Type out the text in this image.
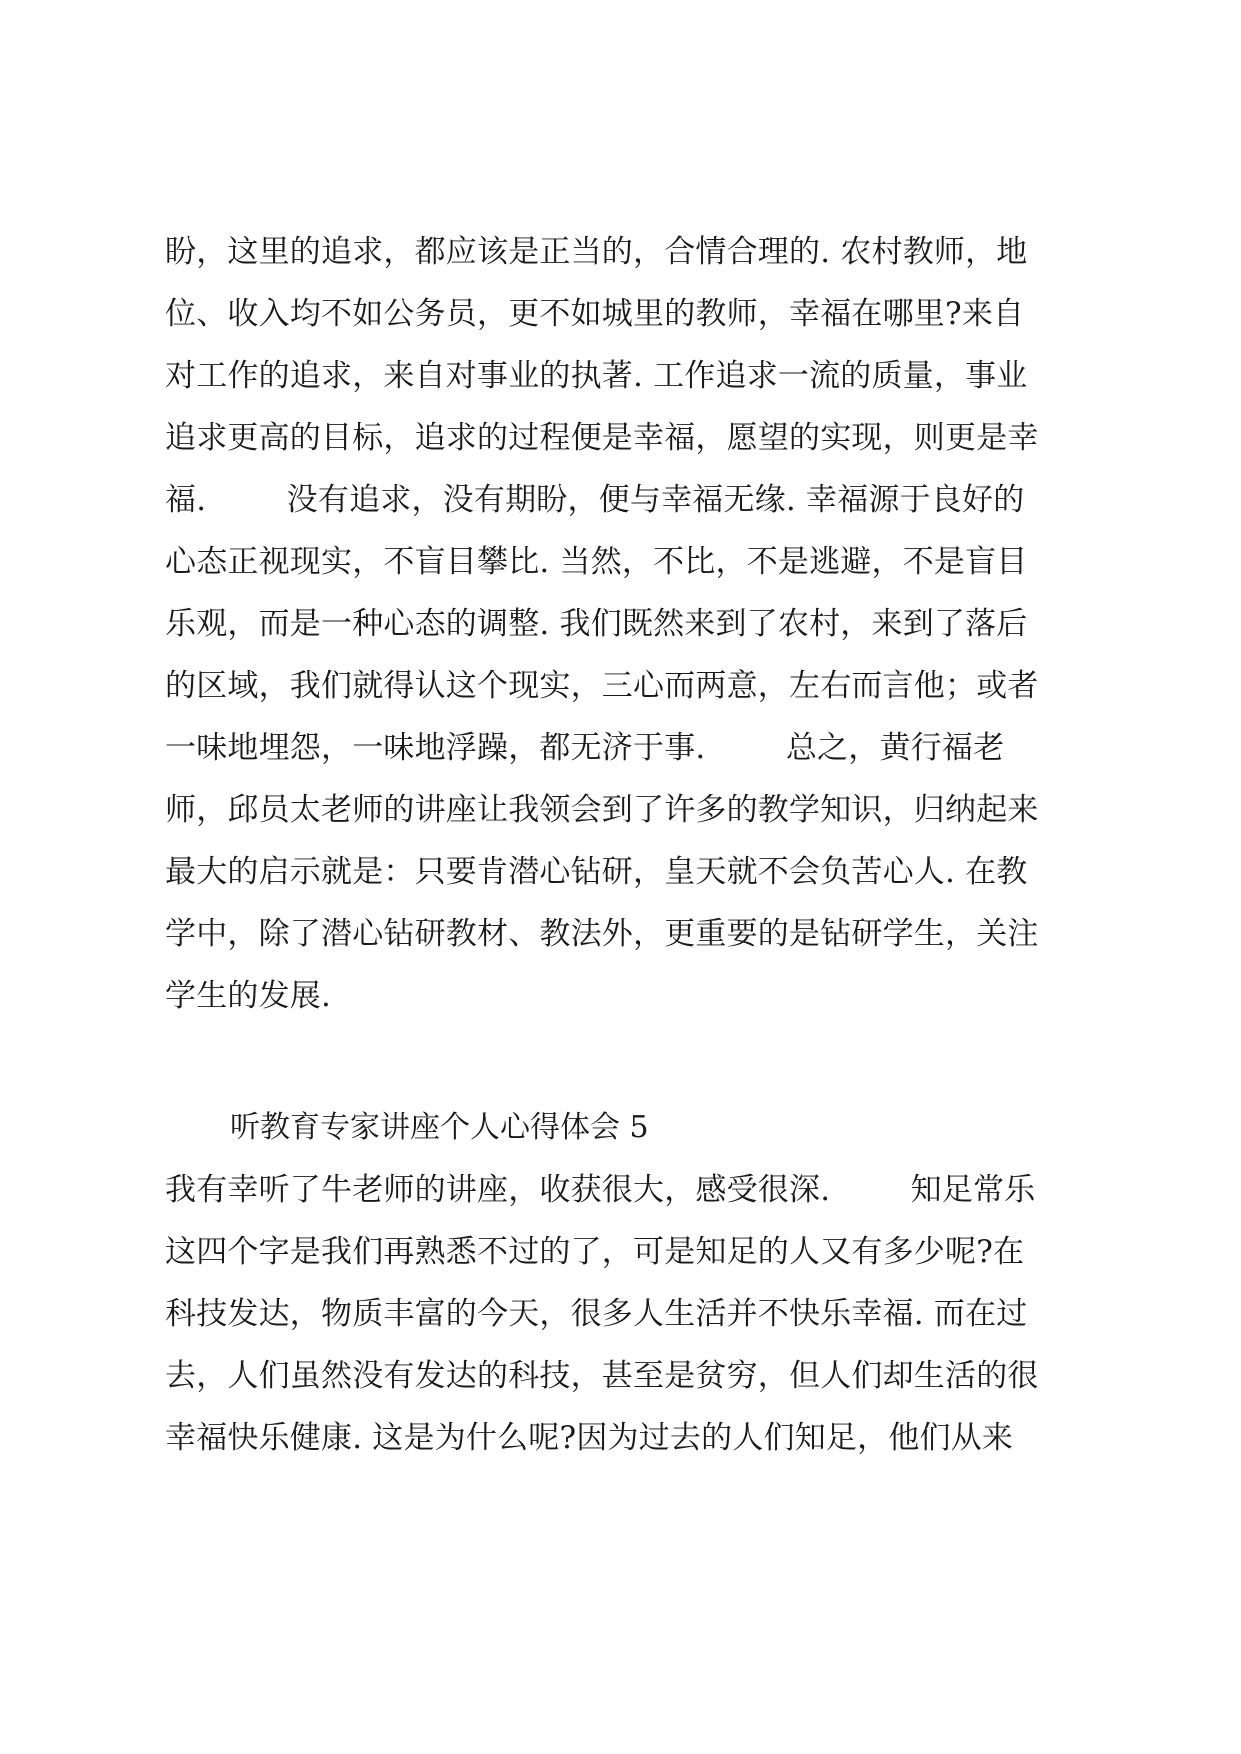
盼，这里的追求，都应该是正当的，合情合理的. 农村教师，地
位、收入均不如公务员，更不如城里的教师，幸福在哪里?来自
对工作的追求，来自对事业的执著. 工作追求一流的质量，事业
追求更高的目标，追求的过程便是幸福，愿望的实现，则更是幸
福.        没有追求，没有期盼，便与幸福无缘. 幸福源于良好的
心态正视现实，不盲目攀比. 当然，不比，不是逃避，不是盲目
乐观，而是一种心态的调整. 我们既然来到了农村，来到了落后
的区域，我们就得认这个现实，三心而两意，左右而言他；或者
一味地埋怨，一味地浮躁，都无济于事.        总之，黄行福老
师，邱员太老师的讲座让我领会到了许多的教学知识，归纳起来
最大的启示就是：只要肯潜心钻研，皇天就不会负苦心人. 在教
学中，除了潜心钻研教材、教法外，更重要的是钻研学生，关注
学生的发展.
听教育专家讲座个人心得体会 5
我有幸听了牛老师的讲座，收获很大，感受很深.        知足常乐
这四个字是我们再熟悉不过的了，可是知足的人又有多少呢?在
科技发达，物质丰富的今天，很多人生活并不快乐幸福. 而在过
去，人们虽然没有发达的科技，甚至是贫穷，但人们却生活的很
幸福快乐健康. 这是为什么呢?因为过去的人们知足，他们从来
